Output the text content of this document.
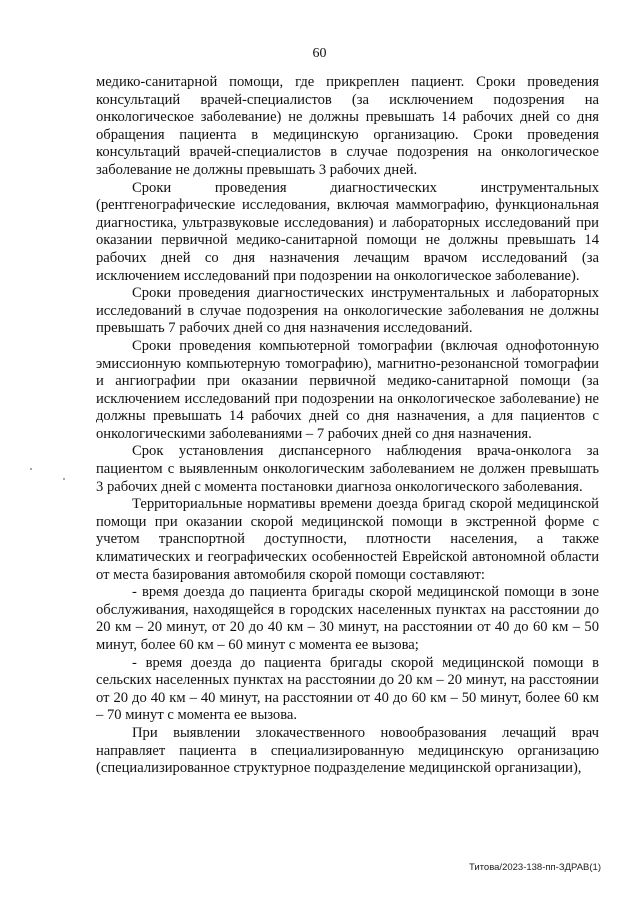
60

медико-санитарной помощи, где прикреплен пациент. Сроки проведения консультаций врачей-специалистов (за исключением подозрения на онкологическое заболевание) не должны превышать 14 рабочих дней со дня обращения пациента в медицинскую организацию. Сроки проведения консультаций врачей-специалистов в случае подозрения на онкологическое заболевание не должны превышать 3 рабочих дней.

Сроки проведения диагностических инструментальных (рентгенографические исследования, включая маммографию, функциональная диагностика, ультразвуковые исследования) и лабораторных исследований при оказании первичной медико-санитарной помощи не должны превышать 14 рабочих дней со дня назначения лечащим врачом исследований (за исключением исследований при подозрении на онкологическое заболевание).

Сроки проведения диагностических инструментальных и лабораторных исследований в случае подозрения на онкологические заболевания не должны превышать 7 рабочих дней со дня назначения исследований.

Сроки проведения компьютерной томографии (включая однофотонную эмиссионную компьютерную томографию), магнитно-резонансной томографии и ангиографии при оказании первичной медико-санитарной помощи (за исключением исследований при подозрении на онкологическое заболевание) не должны превышать 14 рабочих дней со дня назначения, а для пациентов с онкологическими заболеваниями – 7 рабочих дней со дня назначения.

Срок установления диспансерного наблюдения врача-онколога за пациентом с выявленным онкологическим заболеванием не должен превышать 3 рабочих дней с момента постановки диагноза онкологического заболевания.

Территориальные нормативы времени доезда бригад скорой медицинской помощи при оказании скорой медицинской помощи в экстренной форме с учетом транспортной доступности, плотности населения, а также климатических и географических особенностей Еврейской автономной области от места базирования автомобиля скорой помощи составляют:

- время доезда до пациента бригады скорой медицинской помощи в зоне обслуживания, находящейся в городских населенных пунктах на расстоянии до 20 км – 20 минут, от 20 до 40 км – 30 минут, на расстоянии от 40 до 60 км – 50 минут, более 60 км – 60 минут с момента ее вызова;

- время доезда до пациента бригады скорой медицинской помощи в сельских населенных пунктах на расстоянии до 20 км – 20 минут, на расстоянии от 20 до 40 км – 40 минут, на расстоянии от 40 до 60 км – 50 минут, более 60 км – 70 минут с момента ее вызова.

При выявлении злокачественного новообразования лечащий врач направляет пациента в специализированную медицинскую организацию (специализированное структурное подразделение медицинской организации),

Титова/2023-138-пп-ЗДРАВ(1)
